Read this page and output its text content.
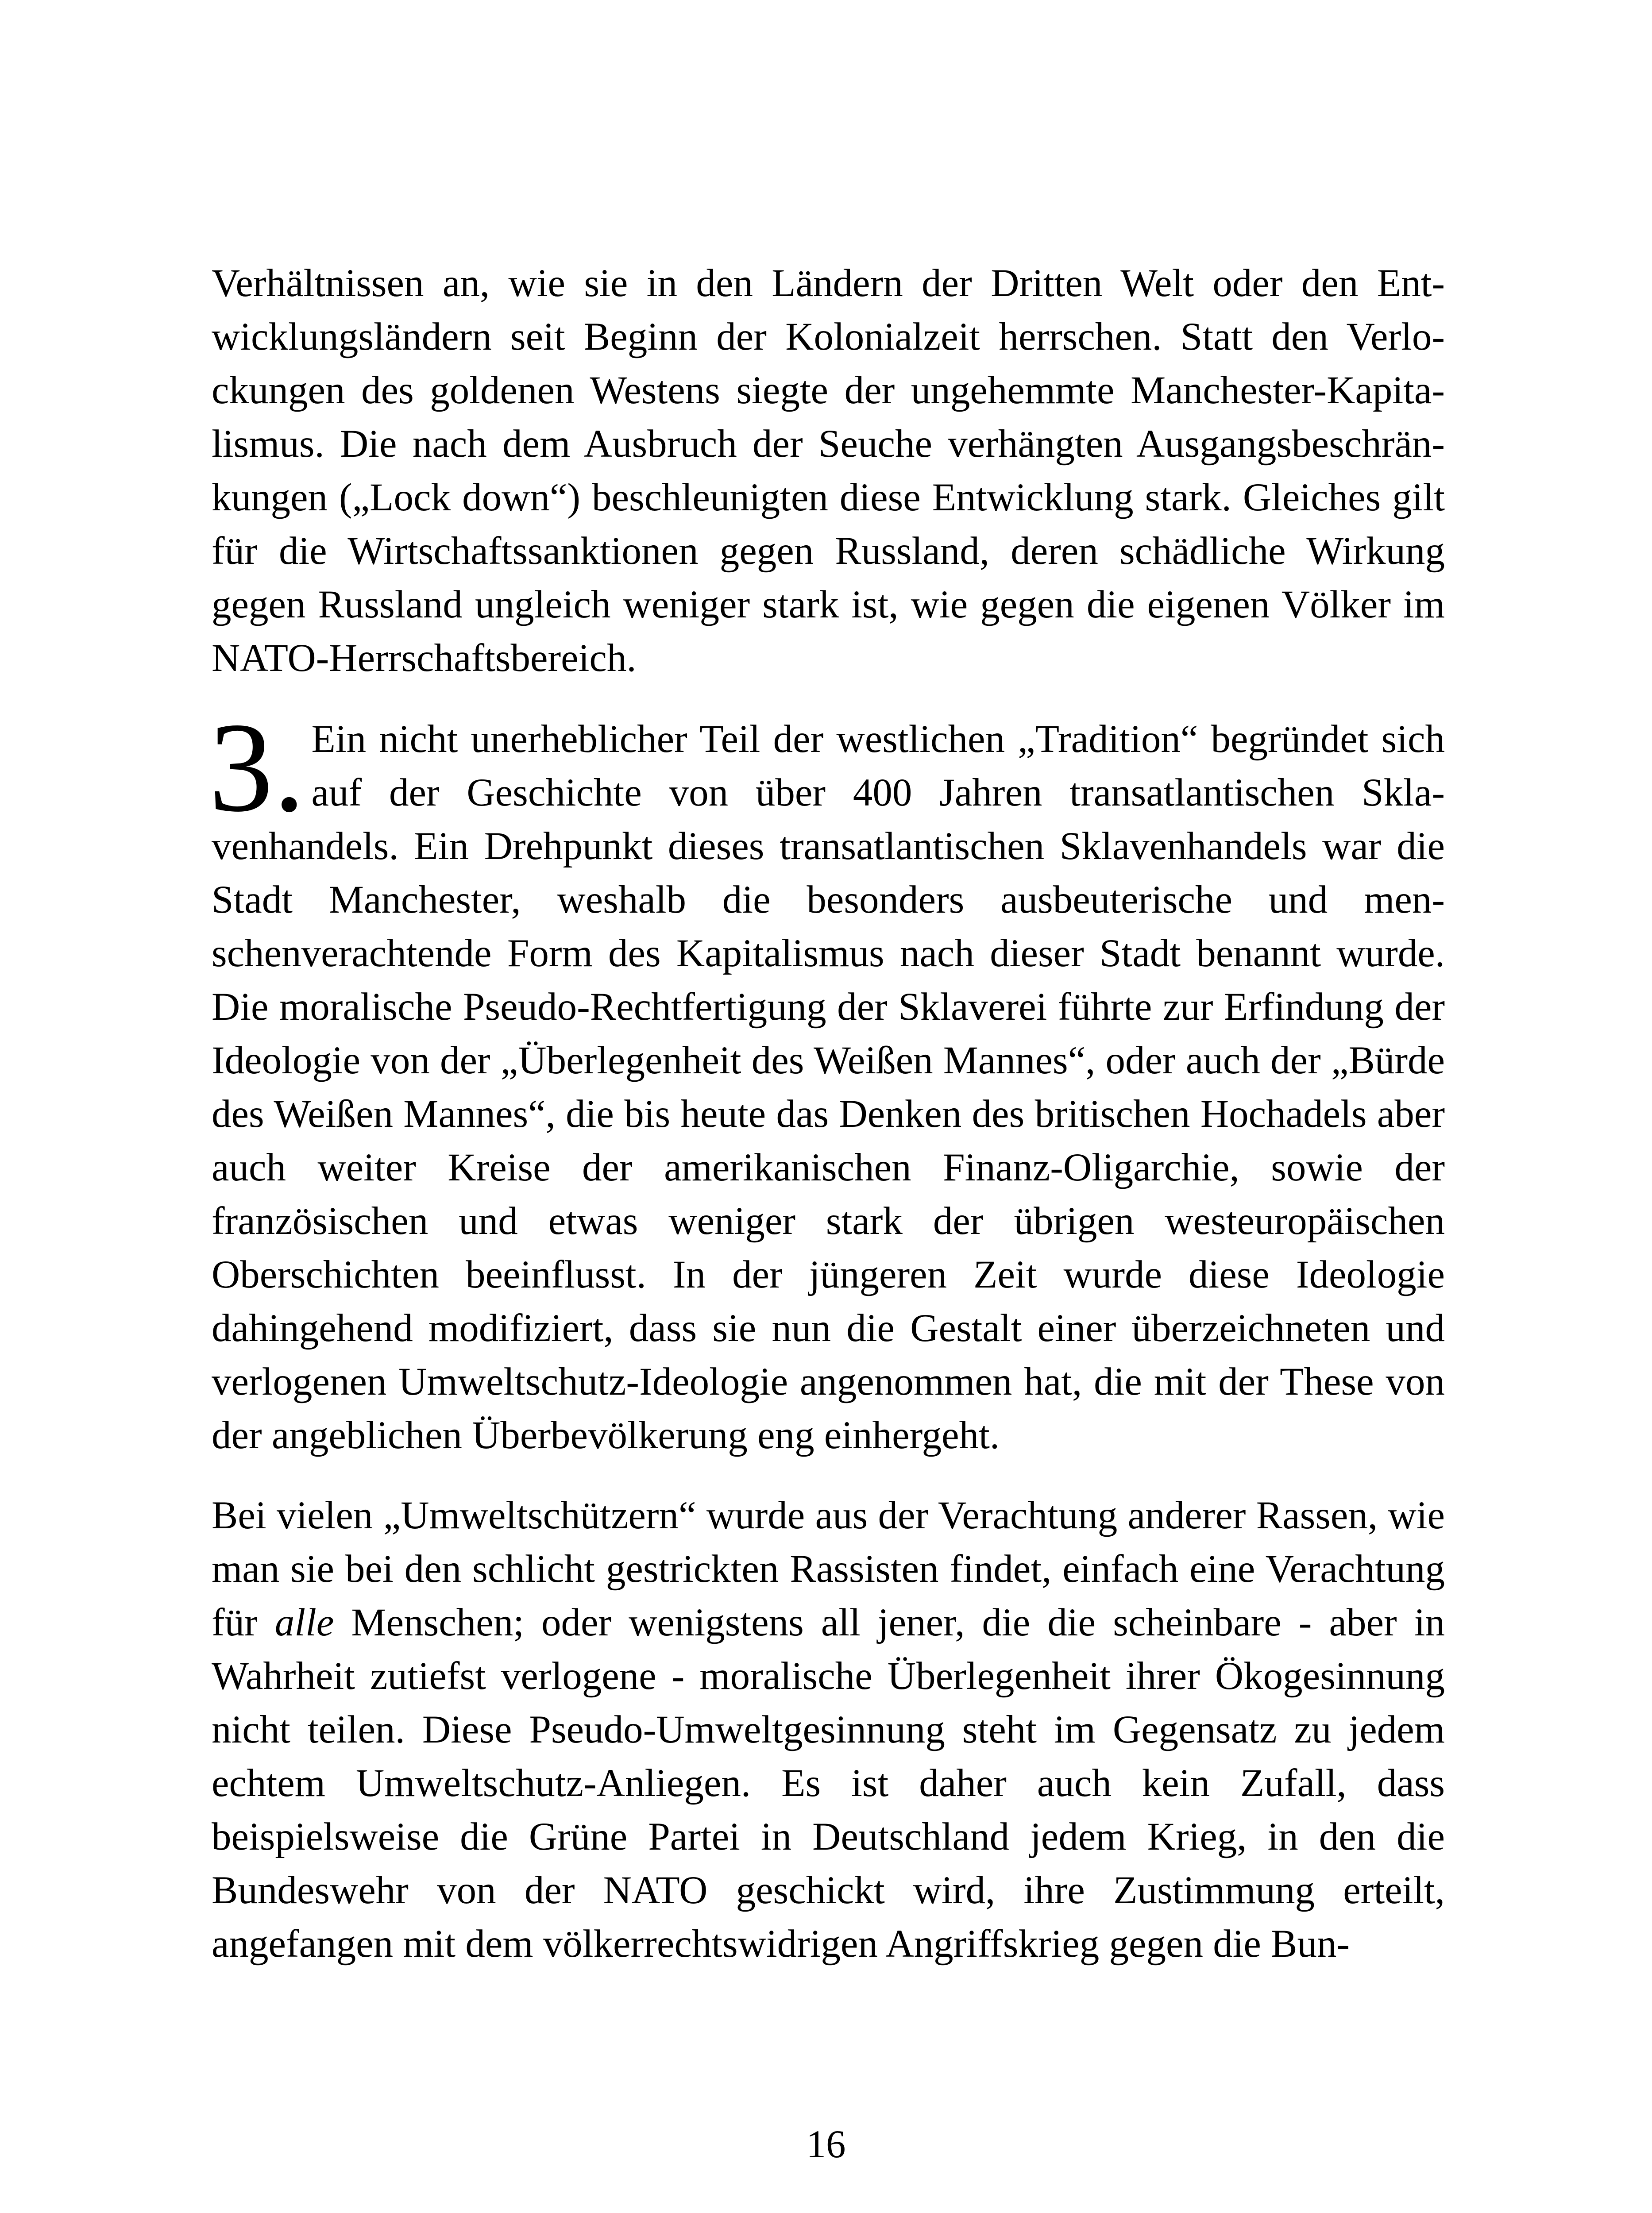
Verhältnissen an, wie sie in den Ländern der Dritten Welt oder den Entwicklungsländern seit Beginn der Kolonialzeit herrschen. Statt den Verlockungen des goldenen Westens siegte der ungehemmte Manchester-Kapitalismus. Die nach dem Ausbruch der Seuche verhängten Ausgangsbeschränkungen („Lock down“) beschleunigten diese Entwicklung stark. Gleiches gilt für die Wirtschaftssanktionen gegen Russland, deren schädliche Wirkung gegen Russland ungleich weniger stark ist, wie gegen die eigenen Völker im NATO-Herrschaftsbereich.

3. Ein nicht unerheblicher Teil der westlichen „Tradition“ begründet sich auf der Geschichte von über 400 Jahren transatlantischen Sklavenhandels. Ein Drehpunkt dieses transatlantischen Sklavenhandels war die Stadt Manchester, weshalb die besonders ausbeuterische und menschenverachtende Form des Kapitalismus nach dieser Stadt benannt wurde. Die moralische Pseudo-Rechtfertigung der Sklaverei führte zur Erfindung der Ideologie von der „Überlegenheit des Weißen Mannes“, oder auch der „Bürde des Weißen Mannes“, die bis heute das Denken des britischen Hochadels aber auch weiter Kreise der amerikanischen Finanz-Oligarchie, sowie der französischen und etwas weniger stark der übrigen westeuropäischen Oberschichten beeinflusst. In der jüngeren Zeit wurde diese Ideologie dahingehend modifiziert, dass sie nun die Gestalt einer überzeichneten und verlogenen Umweltschutz-Ideologie angenommen hat, die mit der These von der angeblichen Überbevölkerung eng einhergeht.

Bei vielen „Umweltschützern“ wurde aus der Verachtung anderer Rassen, wie man sie bei den schlicht gestrickten Rassisten findet, einfach eine Verachtung für alle Menschen; oder wenigstens all jener, die die scheinbare - aber in Wahrheit zutiefst verlogene - moralische Überlegenheit ihrer Ökogesinnung nicht teilen. Diese Pseudo-Umweltgesinnung steht im Gegensatz zu jedem echtem Umweltschutz-Anliegen. Es ist daher auch kein Zufall, dass beispielsweise die Grüne Partei in Deutschland jedem Krieg, in den die Bundeswehr von der NATO geschickt wird, ihre Zustimmung erteilt, angefangen mit dem völkerrechtswidrigen Angriffskrieg gegen die Bun-

16
